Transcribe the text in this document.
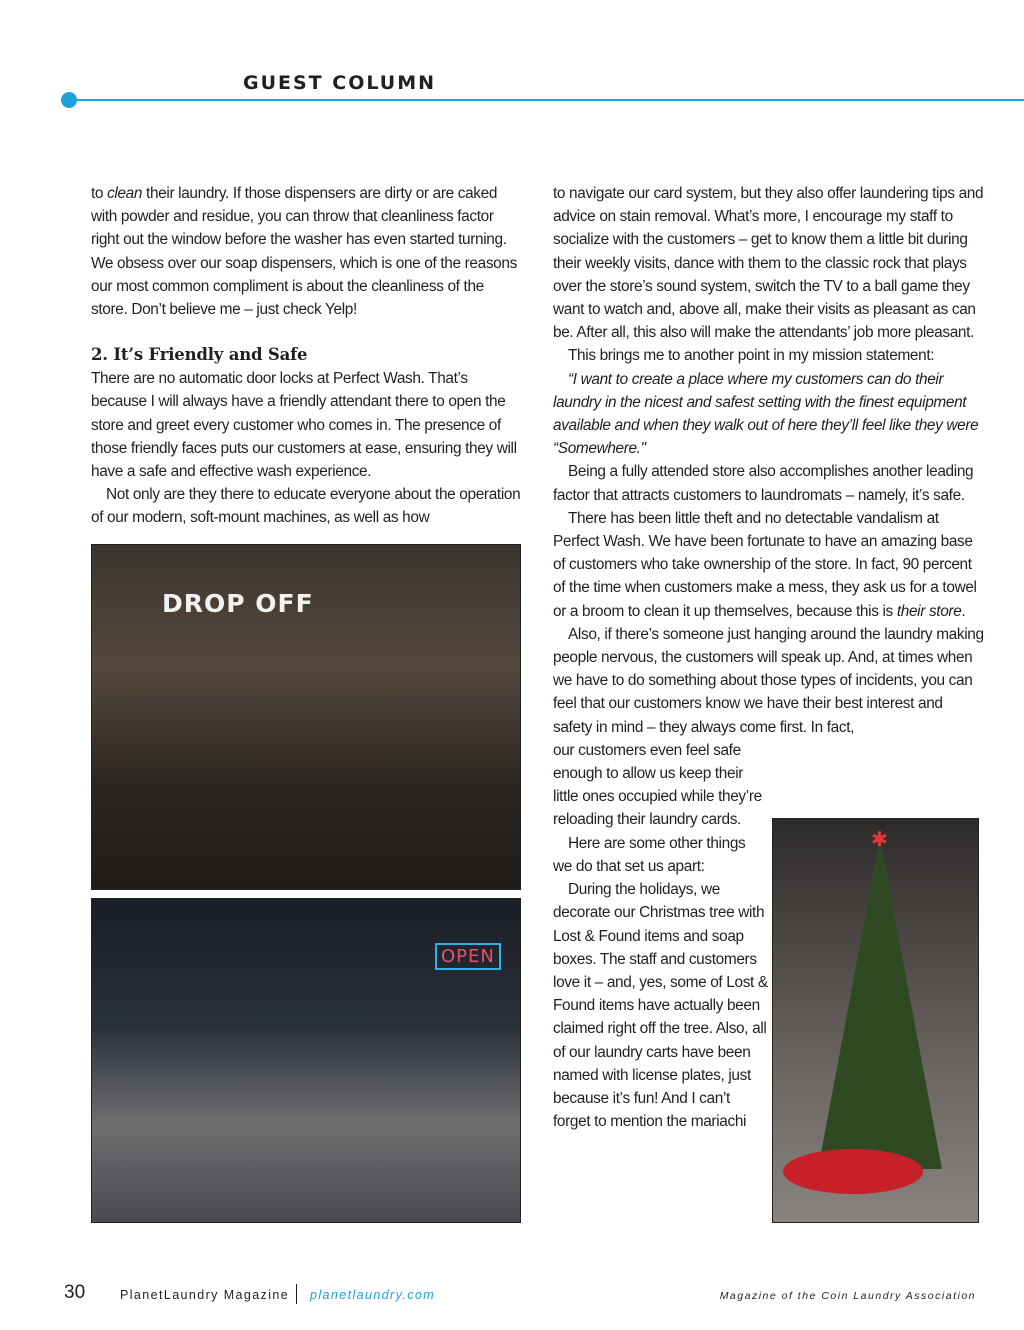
GUEST COLUMN

to clean their laundry. If those dispensers are dirty or are caked with powder and residue, you can throw that cleanliness factor right out the window before the washer has even started turning. We obsess over our soap dispensers, which is one of the reasons our most common compliment is about the cleanliness of the store. Don’t believe me – just check Yelp!

2. It’s Friendly and Safe

There are no automatic door locks at Perfect Wash. That’s because I will always have a friendly attendant there to open the store and greet every customer who comes in. The presence of those friendly faces puts our customers at ease, ensuring they will have a safe and effective wash experience.

Not only are they there to educate everyone about the operation of our modern, soft-mount machines, as well as how

to navigate our card system, but they also offer laundering tips and advice on stain removal. What’s more, I encourage my staff to socialize with the customers – get to know them a little bit during their weekly visits, dance with them to the classic rock that plays over the store’s sound system, switch the TV to a ball game they want to watch and, above all, make their visits as pleasant as can be. After all, this also will make the attendants’ job more pleasant.

This brings me to another point in my mission statement:

“I want to create a place where my customers can do their laundry in the nicest and safest setting with the finest equipment available and when they walk out of here they’ll feel like they were “Somewhere."

Being a fully attended store also accomplishes another leading factor that attracts customers to laundromats – namely, it’s safe.

There has been little theft and no detectable vandalism at Perfect Wash. We have been fortunate to have an amazing base of customers who take ownership of the store. In fact, 90 percent of the time when customers make a mess, they ask us for a towel or a broom to clean it up themselves, because this is their store.

Also, if there’s someone just hanging around the laundry making people nervous, the customers will speak up. And, at times when we have to do something about those types of incidents, you can feel that our customers know we have their best interest and safety in mind – they always come first. In fact,

our customers even feel safe enough to allow us keep their little ones occupied while they’re reloading their laundry cards.

Here are some other things we do that set us apart:

During the holidays, we decorate our Christmas tree with Lost & Found items and soap boxes. The staff and customers love it – and, yes, some of Lost & Found items have actually been claimed right off the tree. Also, all of our laundry carts have been named with license plates, just because it’s fun! And I can’t forget to mention the mariachi

DROP OFF
OPEN
✱
30	PlanetLaundry Magazine planetlaundry.com	Magazine of the Coin Laundry Association
